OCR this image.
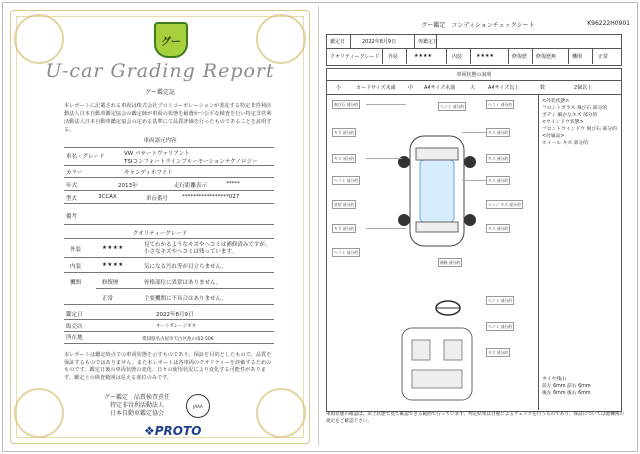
グー
U-car Grading Report
グー鑑定証
本レポートに記載される車両は株式会社プロトコーポレーションが委託する特定非営利活動法人日本自動車鑑定協会の鑑定師が車両の状態を厳選かつ公平な検査を行い特定非営利活動法人日本自動車鑑定協会の定める基準にて品質評価を行ったものであることを証明する。
車両諸元内容
車名・グレード	VW パサートヴァリアント
TSIコンフォートラインブルーモーションテクノロジー
カラー	キャンディホワイト
年式	2013年	走行距離表示	*****
型式	3CCAX	車台番号	*****************027
備考
クオリティーグレード
外装	★★★★	見てわかるようなキズやヘコミは補修済みですが、小さなキズやヘコミは残っています。
内装	★★★★	気になる汚れ等が目立ちません。
機関	修復歴	骨格部位に異常はありません。
正常	主要機関に不具合はありません。
鑑定日	2022年8月9日
販売店	オートガレージオオ
所在地	愛知県名古屋市天白区池の南2-506
本レポートは鑑定時点での車両状態を示すものであり、保証を目的としたもので、品質を保証するものではありません。また本レポートは各車両のクオリティーを評価するためのものです。鑑定日後の車両状態の変化、日々の使用状況により変化する可能性があります。鑑定士の検査範囲は見える部位のみです。
グー鑑定　品質検査責任
特定非営利活動法人
日本自動車鑑定協会
JAAA
❖PROTO
グー鑑定　コンディションチェックシート	K96222H0901
鑑定日	2022年8月9日	再鑑定日
クオリティーグレード 外装	★★★★	内装	★★★★	修復歴 修復歴無	機関	正常
車両状態の説明
小	カードサイズ未満 中 A4サイズ未満	大	A4サイズ以上	数	2個以上
飛び石 部分的	ヘコミ 部分的	ヘコミ 部分的
キズ 部分的	キズ 部分的
キズ 部分的	キズ 部分的
ヘコミ 部分的	キズ 部分的
塗装 部分的	エッジ キズ 部分的
キズ 部分的	キズ 部分的
ヘコミ 部分的
補修 部分的
ヘコミ 部分的
ヘコミ 部分的
キズ 部分的
<外装状態>
フロントガラス 飛び石 部分的
ボディ 細かなキズ 部分的
<ウインドウ状態>
フロントウインドウ 飛び石 部分的
<付属品>
ホイール キズ 部分的
タイヤ残山
前左 6mm 前右 6mm
後左 6mm 後右 6mm
車両状態の確認は、床上状態で見て確認できる範囲で行っています。判定結果は目視によるチェックを行うものであり、保証については他機関の規定をご確認下さい。
